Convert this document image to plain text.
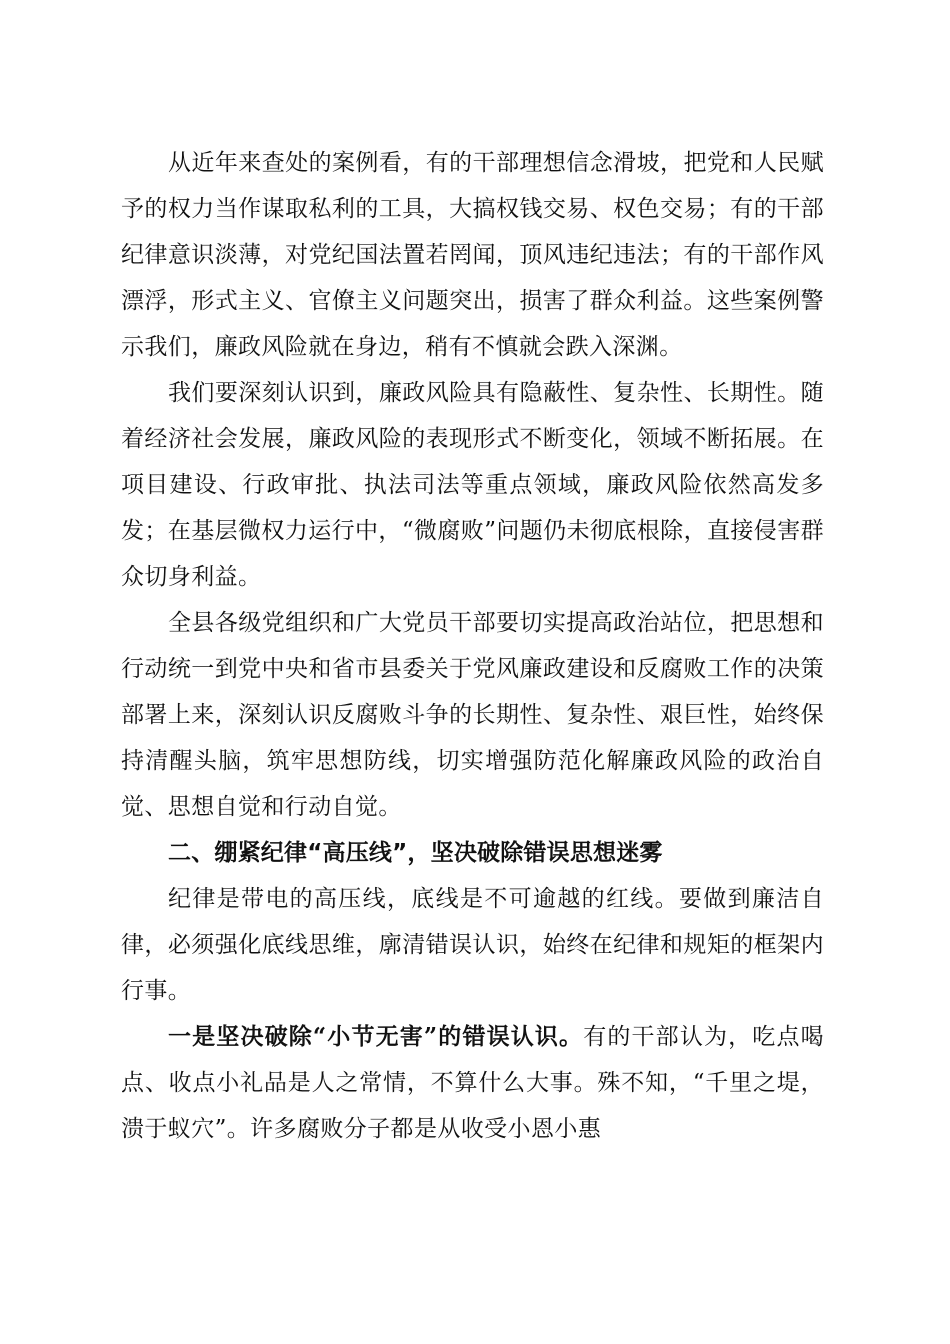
从近年来查处的案例看，有的干部理想信念滑坡，把党和人民赋予的权力当作谋取私利的工具，大搞权钱交易、权色交易；有的干部纪律意识淡薄，对党纪国法置若罔闻，顶风违纪违法；有的干部作风漂浮，形式主义、官僚主义问题突出，损害了群众利益。这些案例警示我们，廉政风险就在身边，稍有不慎就会跌入深渊。

我们要深刻认识到，廉政风险具有隐蔽性、复杂性、长期性。随着经济社会发展，廉政风险的表现形式不断变化，领域不断拓展。在项目建设、行政审批、执法司法等重点领域，廉政风险依然高发多发；在基层微权力运行中，“微腐败”问题仍未彻底根除，直接侵害群众切身利益。

全县各级党组织和广大党员干部要切实提高政治站位，把思想和行动统一到党中央和省市县委关于党风廉政建设和反腐败工作的决策部署上来，深刻认识反腐败斗争的长期性、复杂性、艰巨性，始终保持清醒头脑，筑牢思想防线，切实增强防范化解廉政风险的政治自觉、思想自觉和行动自觉。

二、绷紧纪律“高压线”，坚决破除错误思想迷雾

纪律是带电的高压线，底线是不可逾越的红线。要做到廉洁自律，必须强化底线思维，廓清错误认识，始终在纪律和规矩的框架内行事。

一是坚决破除“小节无害”的错误认识。有的干部认为，吃点喝点、收点小礼品是人之常情，不算什么大事。殊不知，“千里之堤，溃于蚁穴”。许多腐败分子都是从收受小恩小惠
